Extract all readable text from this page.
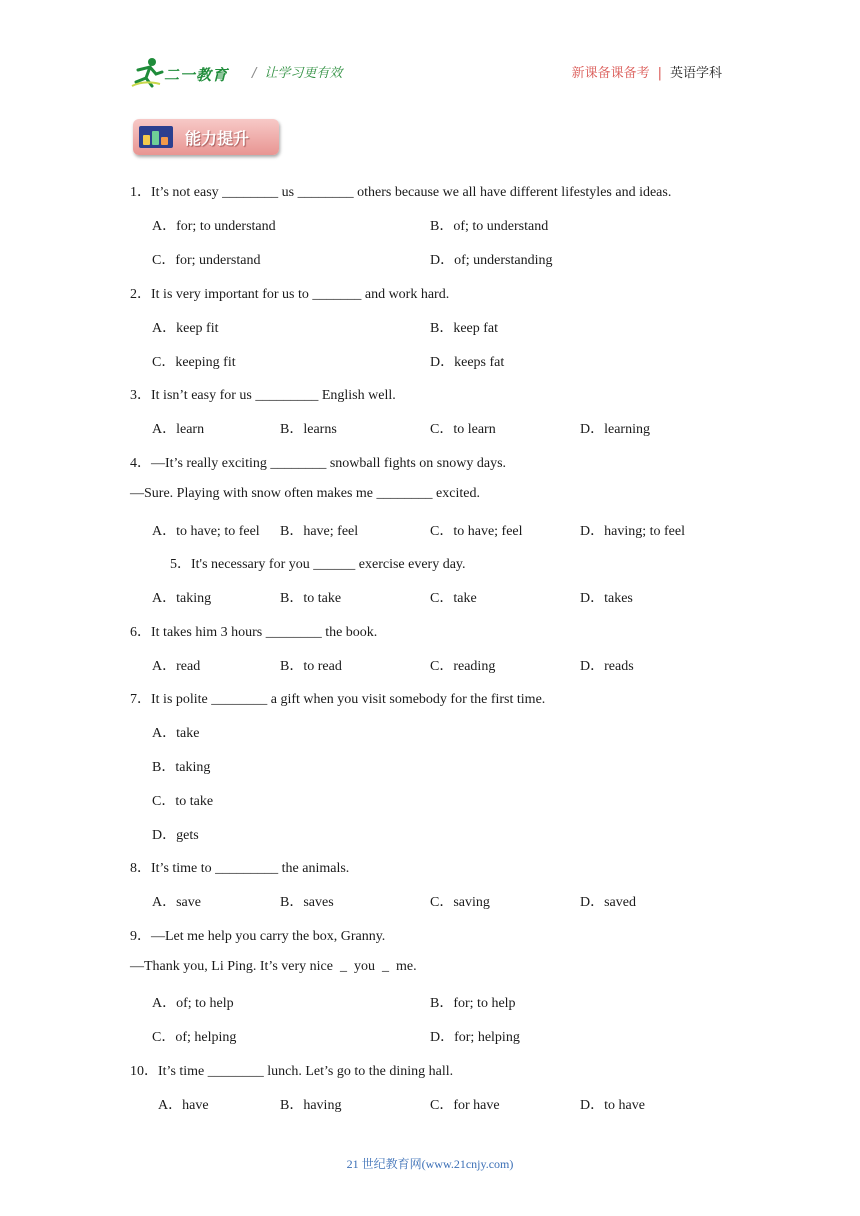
二一教育 / 让学习更有效	新课备课备考 | 英语学科
能力提升
1．It’s not easy ________ us ________ others because we all have different lifestyles and ideas.
A．for; to understand	B．of; to understand
C．for; understand	D．of; understanding
2．It is very important for us to _______ and work hard.
A．keep fit	B．keep fat
C．keeping fit	D．keeps fat
3．It isn’t easy for us _________ English well.
A．learn	B．learns	C．to learn	D．learning
4．—It’s really exciting ________ snowball fights on snowy days.
—Sure. Playing with snow often makes me ________ excited.
A．to have; to feel B．have; feel	C．to have; feel	D．having; to feel
5．It's necessary for you ______ exercise every day.
A．taking	B．to take	C．take	D．takes
6．It takes him 3 hours ________ the book.
A．read	B．to read	C．reading	D．reads
7．It is polite ________ a gift when you visit somebody for the first time.
A．take
B．taking
C．to take
D．gets
8．It’s time to _________ the animals.
A．save	B．saves	C．saving	D．saved
9．—Let me help you carry the box, Granny.
—Thank you, Li Ping. It’s very nice  _  you  _  me.
A．of; to help	B．for; to help
C．of; helping	D．for; helping
10．It’s time ________ lunch. Let’s go to the dining hall.
A．have	B．having	C．for have	D．to have
21 世纪教育网(www.21cnjy.com)
